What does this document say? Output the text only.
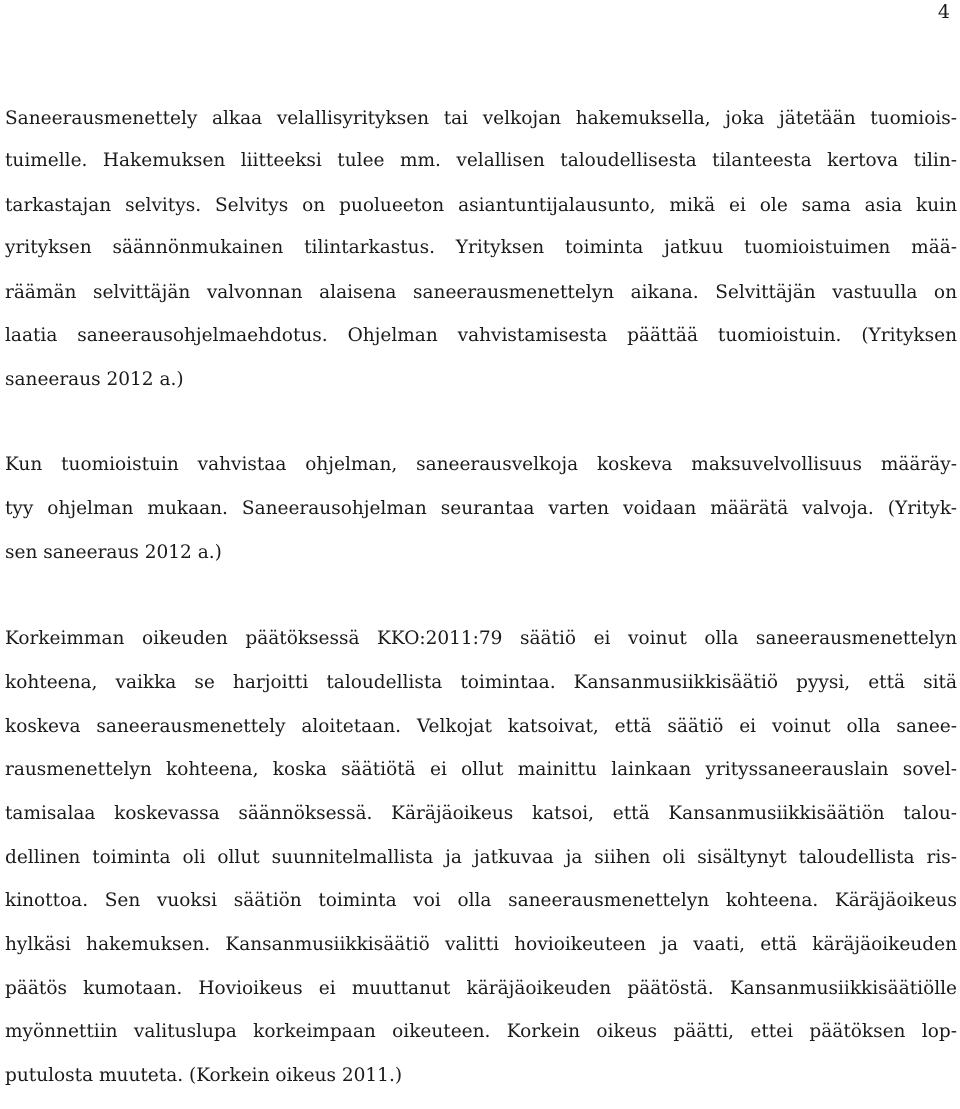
4
Saneerausmenettely alkaa velallisyrityksen tai velkojan hakemuksella, joka jätetään tuomiois-
tuimelle. Hakemuksen liitteeksi tulee mm. velallisen taloudellisesta tilanteesta kertova tilin-
tarkastajan selvitys. Selvitys on puolueeton asiantuntijalausunto, mikä ei ole sama asia kuin
yrityksen säännönmukainen tilintarkastus. Yrityksen toiminta jatkuu tuomioistuimen mää-
räämän selvittäjän valvonnan alaisena saneerausmenettelyn aikana. Selvittäjän vastuulla on
laatia saneerausohjelmaehdotus. Ohjelman vahvistamisesta päättää tuomioistuin. (Yrityksen
saneeraus 2012 a.)
Kun tuomioistuin vahvistaa ohjelman, saneerausvelkoja koskeva maksuvelvollisuus määräy-
tyy ohjelman mukaan. Saneerausohjelman seurantaa varten voidaan määrätä valvoja. (Yrityk-
sen saneeraus 2012 a.)
Korkeimman oikeuden päätöksessä KKO:2011:79 säätiö ei voinut olla saneerausmenettelyn
kohteena, vaikka se harjoitti taloudellista toimintaa. Kansanmusiikkisäätiö pyysi, että sitä
koskeva saneerausmenettely aloitetaan. Velkojat katsoivat, että säätiö ei voinut olla sanee-
rausmenettelyn kohteena, koska säätiötä ei ollut mainittu lainkaan yrityssaneerauslain sovel-
tamisalaa koskevassa säännöksessä. Käräjäoikeus katsoi, että Kansanmusiikkisäätiön talou-
dellinen toiminta oli ollut suunnitelmallista ja jatkuvaa ja siihen oli sisältynyt taloudellista ris-
kinottoa. Sen vuoksi säätiön toiminta voi olla saneerausmenettelyn kohteena. Käräjäoikeus
hylkäsi hakemuksen. Kansanmusiikkisäätiö valitti hovioikeuteen ja vaati, että käräjäoikeuden
päätös kumotaan. Hovioikeus ei muuttanut käräjäoikeuden päätöstä. Kansanmusiikkisäätiölle
myönnettiin valituslupa korkeimpaan oikeuteen. Korkein oikeus päätti, ettei päätöksen lop-
putulosta muuteta. (Korkein oikeus 2011.)
